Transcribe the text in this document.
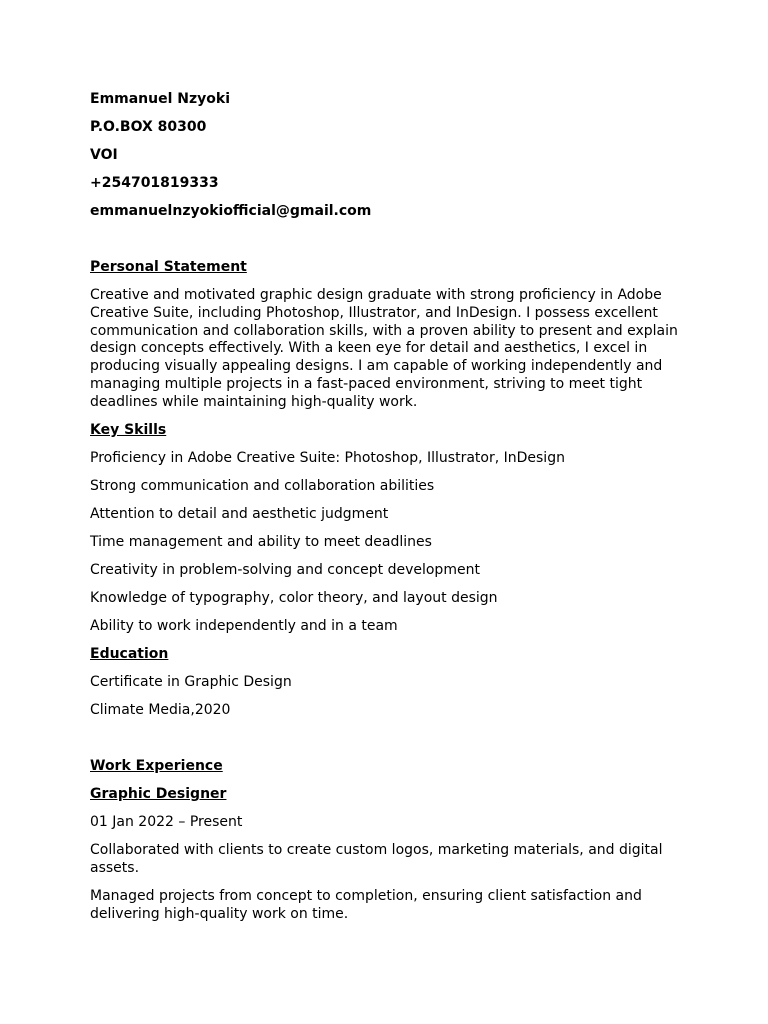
Emmanuel Nzyoki
P.O.BOX 80300
VOI
+254701819333
emmanuelnzyokiofficial@gmail.com
Personal Statement

Creative and motivated graphic design graduate with strong proficiency in Adobe Creative Suite, including Photoshop, Illustrator, and InDesign. I possess excellent communication and collaboration skills, with a proven ability to present and explain design concepts effectively. With a keen eye for detail and aesthetics, I excel in producing visually appealing designs. I am capable of working independently and managing multiple projects in a fast-paced environment, striving to meet tight deadlines while maintaining high-quality work.

Key Skills
Proficiency in Adobe Creative Suite: Photoshop, Illustrator, InDesign
Strong communication and collaboration abilities
Attention to detail and aesthetic judgment
Time management and ability to meet deadlines
Creativity in problem-solving and concept development
Knowledge of typography, color theory, and layout design
Ability to work independently and in a team
Education
Certificate in Graphic Design
Climate Media,2020
Work Experience
Graphic Designer
01 Jan 2022 – Present

Collaborated with clients to create custom logos, marketing materials, and digital assets.

Managed projects from concept to completion, ensuring client satisfaction and delivering high-quality work on time.
